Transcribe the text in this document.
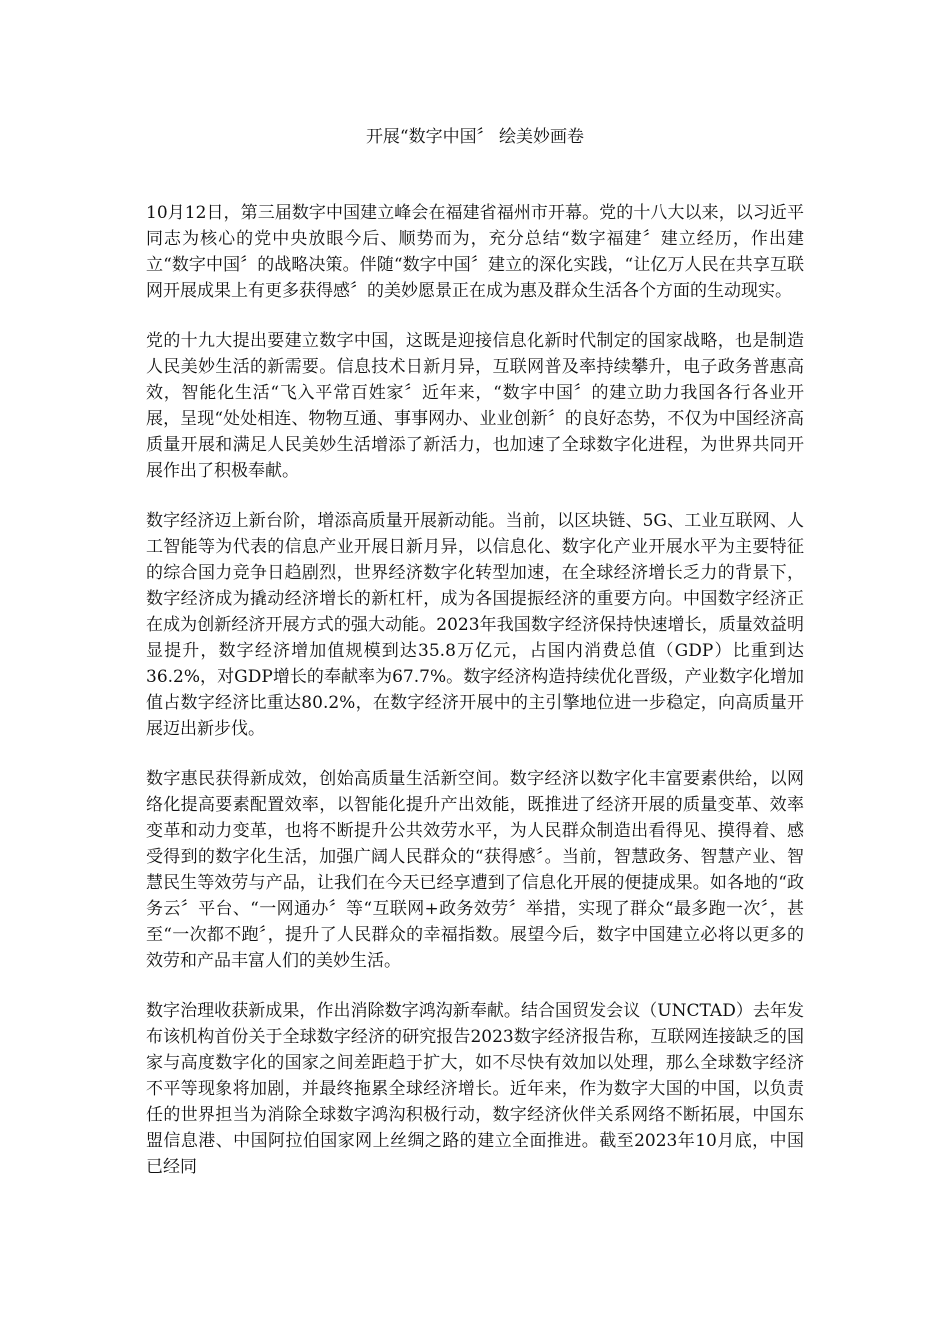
开展“数字中国〞 绘美妙画卷

10月12日，第三届数字中国建立峰会在福建省福州市开幕。党的十八大以来，以习近平同志为核心的党中央放眼今后、顺势而为，充分总结“数字福建〞建立经历，作出建立“数字中国〞的战略决策。伴随“数字中国〞建立的深化实践，“让亿万人民在共享互联网开展成果上有更多获得感〞的美妙愿景正在成为惠及群众生活各个方面的生动现实。

党的十九大提出要建立数字中国，这既是迎接信息化新时代制定的国家战略，也是制造人民美妙生活的新需要。信息技术日新月异，互联网普及率持续攀升，电子政务普惠高效，智能化生活“飞入平常百姓家〞近年来，“数字中国〞的建立助力我国各行各业开展，呈现“处处相连、物物互通、事事网办、业业创新〞的良好态势，不仅为中国经济高质量开展和满足人民美妙生活增添了新活力，也加速了全球数字化进程，为世界共同开展作出了积极奉献。

数字经济迈上新台阶，增添高质量开展新动能。当前，以区块链、5G、工业互联网、人工智能等为代表的信息产业开展日新月异，以信息化、数字化产业开展水平为主要特征的综合国力竞争日趋剧烈，世界经济数字化转型加速，在全球经济增长乏力的背景下，数字经济成为撬动经济增长的新杠杆，成为各国提振经济的重要方向。中国数字经济正在成为创新经济开展方式的强大动能。2023年我国数字经济保持快速增长，质量效益明显提升，数字经济增加值规模到达35.8万亿元，占国内消费总值（GDP）比重到达36.2%，对GDP增长的奉献率为67.7%。数字经济构造持续优化晋级，产业数字化增加值占数字经济比重达80.2%，在数字经济开展中的主引擎地位进一步稳定，向高质量开展迈出新步伐。

数字惠民获得新成效，创始高质量生活新空间。数字经济以数字化丰富要素供给，以网络化提高要素配置效率，以智能化提升产出效能，既推进了经济开展的质量变革、效率变革和动力变革，也将不断提升公共效劳水平，为人民群众制造出看得见、摸得着、感受得到的数字化生活，加强广阔人民群众的“获得感〞。当前，智慧政务、智慧产业、智慧民生等效劳与产品，让我们在今天已经享遭到了信息化开展的便捷成果。如各地的“政务云〞平台、“一网通办〞等“互联网+政务效劳〞举措，实现了群众“最多跑一次〞，甚至“一次都不跑〞，提升了人民群众的幸福指数。展望今后，数字中国建立必将以更多的效劳和产品丰富人们的美妙生活。

数字治理收获新成果，作出消除数字鸿沟新奉献。结合国贸发会议（UNCTAD）去年发布该机构首份关于全球数字经济的研究报告2023数字经济报告称，互联网连接缺乏的国家与高度数字化的国家之间差距趋于扩大，如不尽快有效加以处理，那么全球数字经济不平等现象将加剧，并最终拖累全球经济增长。近年来，作为数字大国的中国，以负责任的世界担当为消除全球数字鸿沟积极行动，数字经济伙伴关系网络不断拓展，中国东盟信息港、中国阿拉伯国家网上丝绸之路的建立全面推进。截至2023年10月底，中国已经同
